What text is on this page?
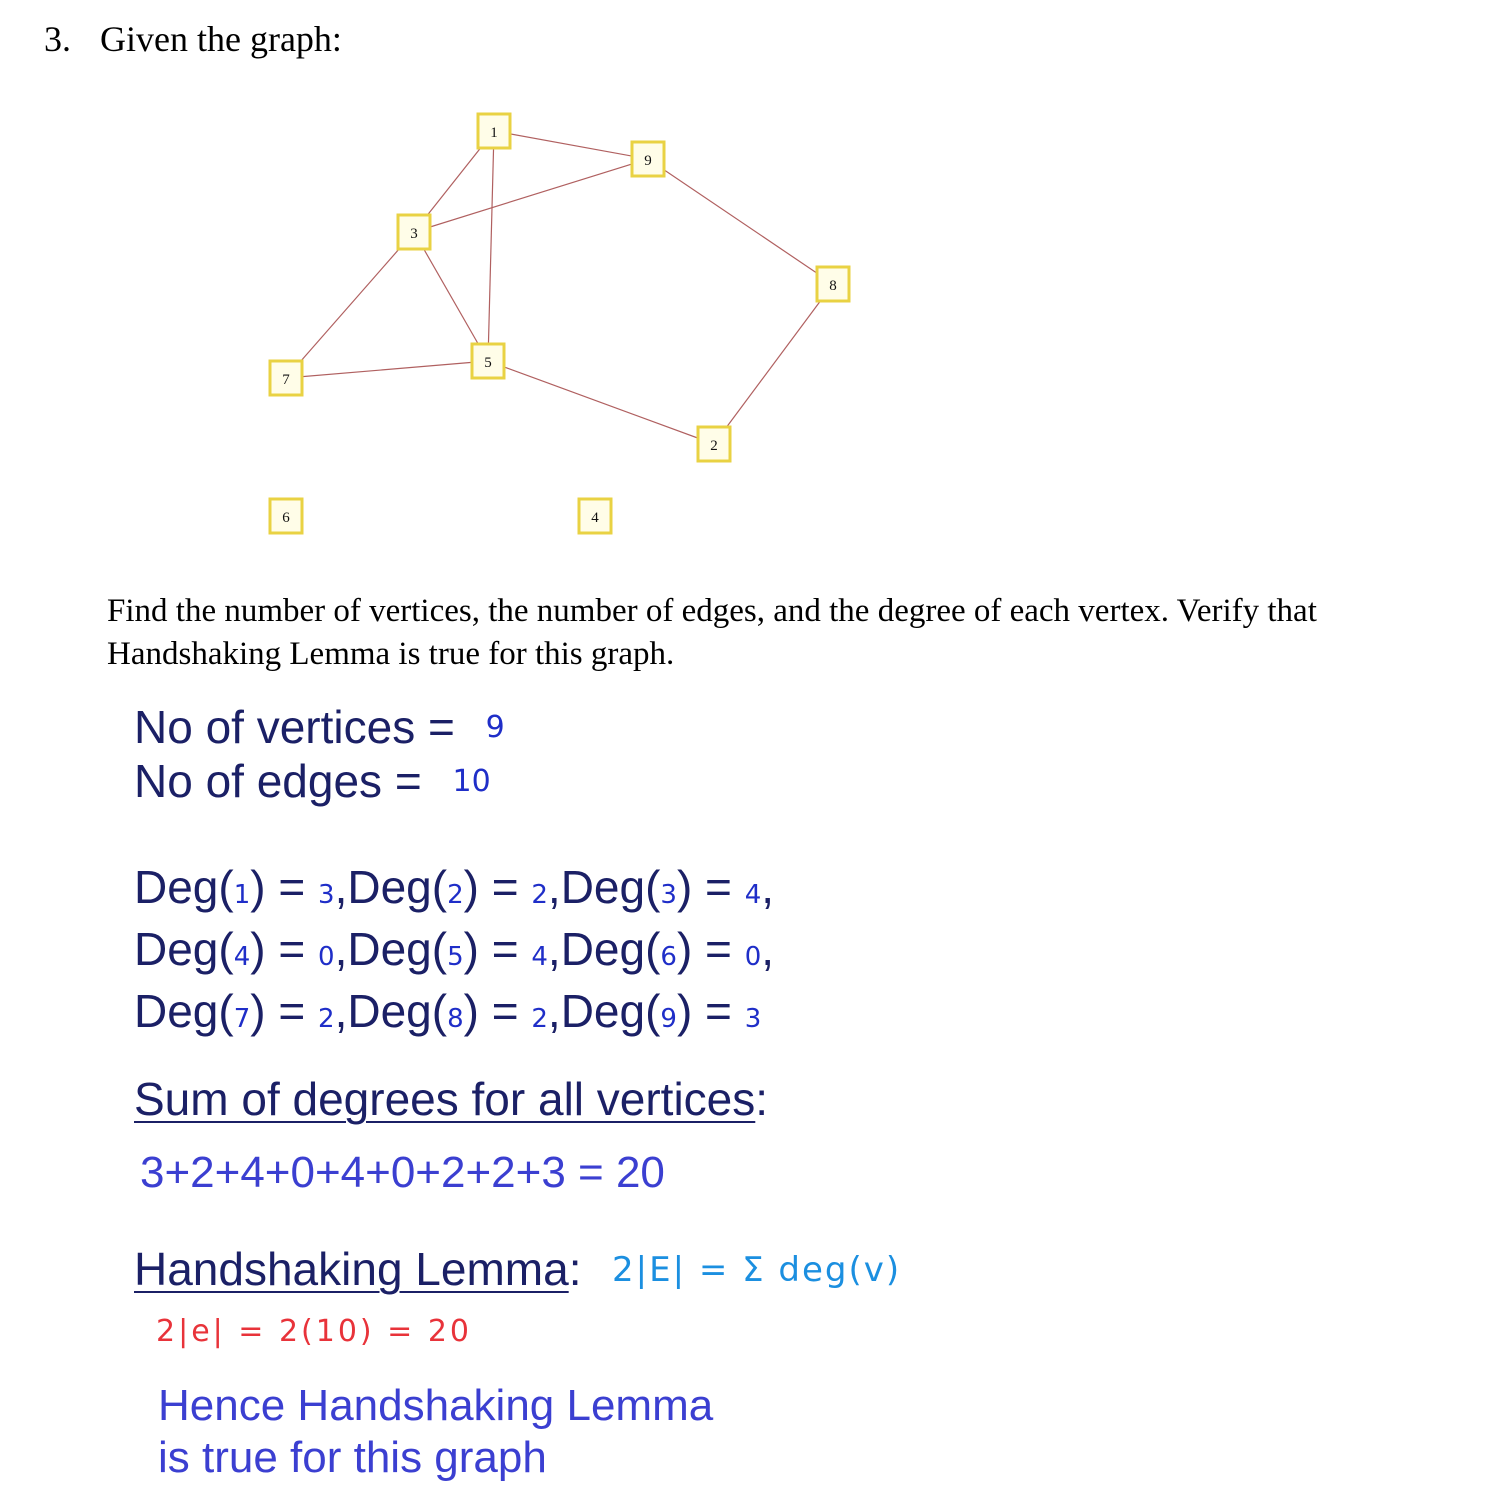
3. Given the graph:
1
9
3
8
7
5
2
6	4
Find the number of vertices, the number of edges, and the degree of each vertex. Verify that Handshaking Lemma is true for this graph.
No of vertices = 9
No of edges = 10
Deg(1) = 3,Deg(2) = 2,Deg(3) = 4,
Deg(4) = 0,Deg(5) = 4,Deg(6) = 0,
Deg(7) = 2,Deg(8) = 2,Deg(9) = 3
Sum of degrees for all vertices:
3+2+4+0+4+0+2+2+3 = 20
Handshaking Lemma: 2|E| = Σ deg(v)
2|e| = 2(10) = 20
Hence Handshaking Lemma
is true for this graph
